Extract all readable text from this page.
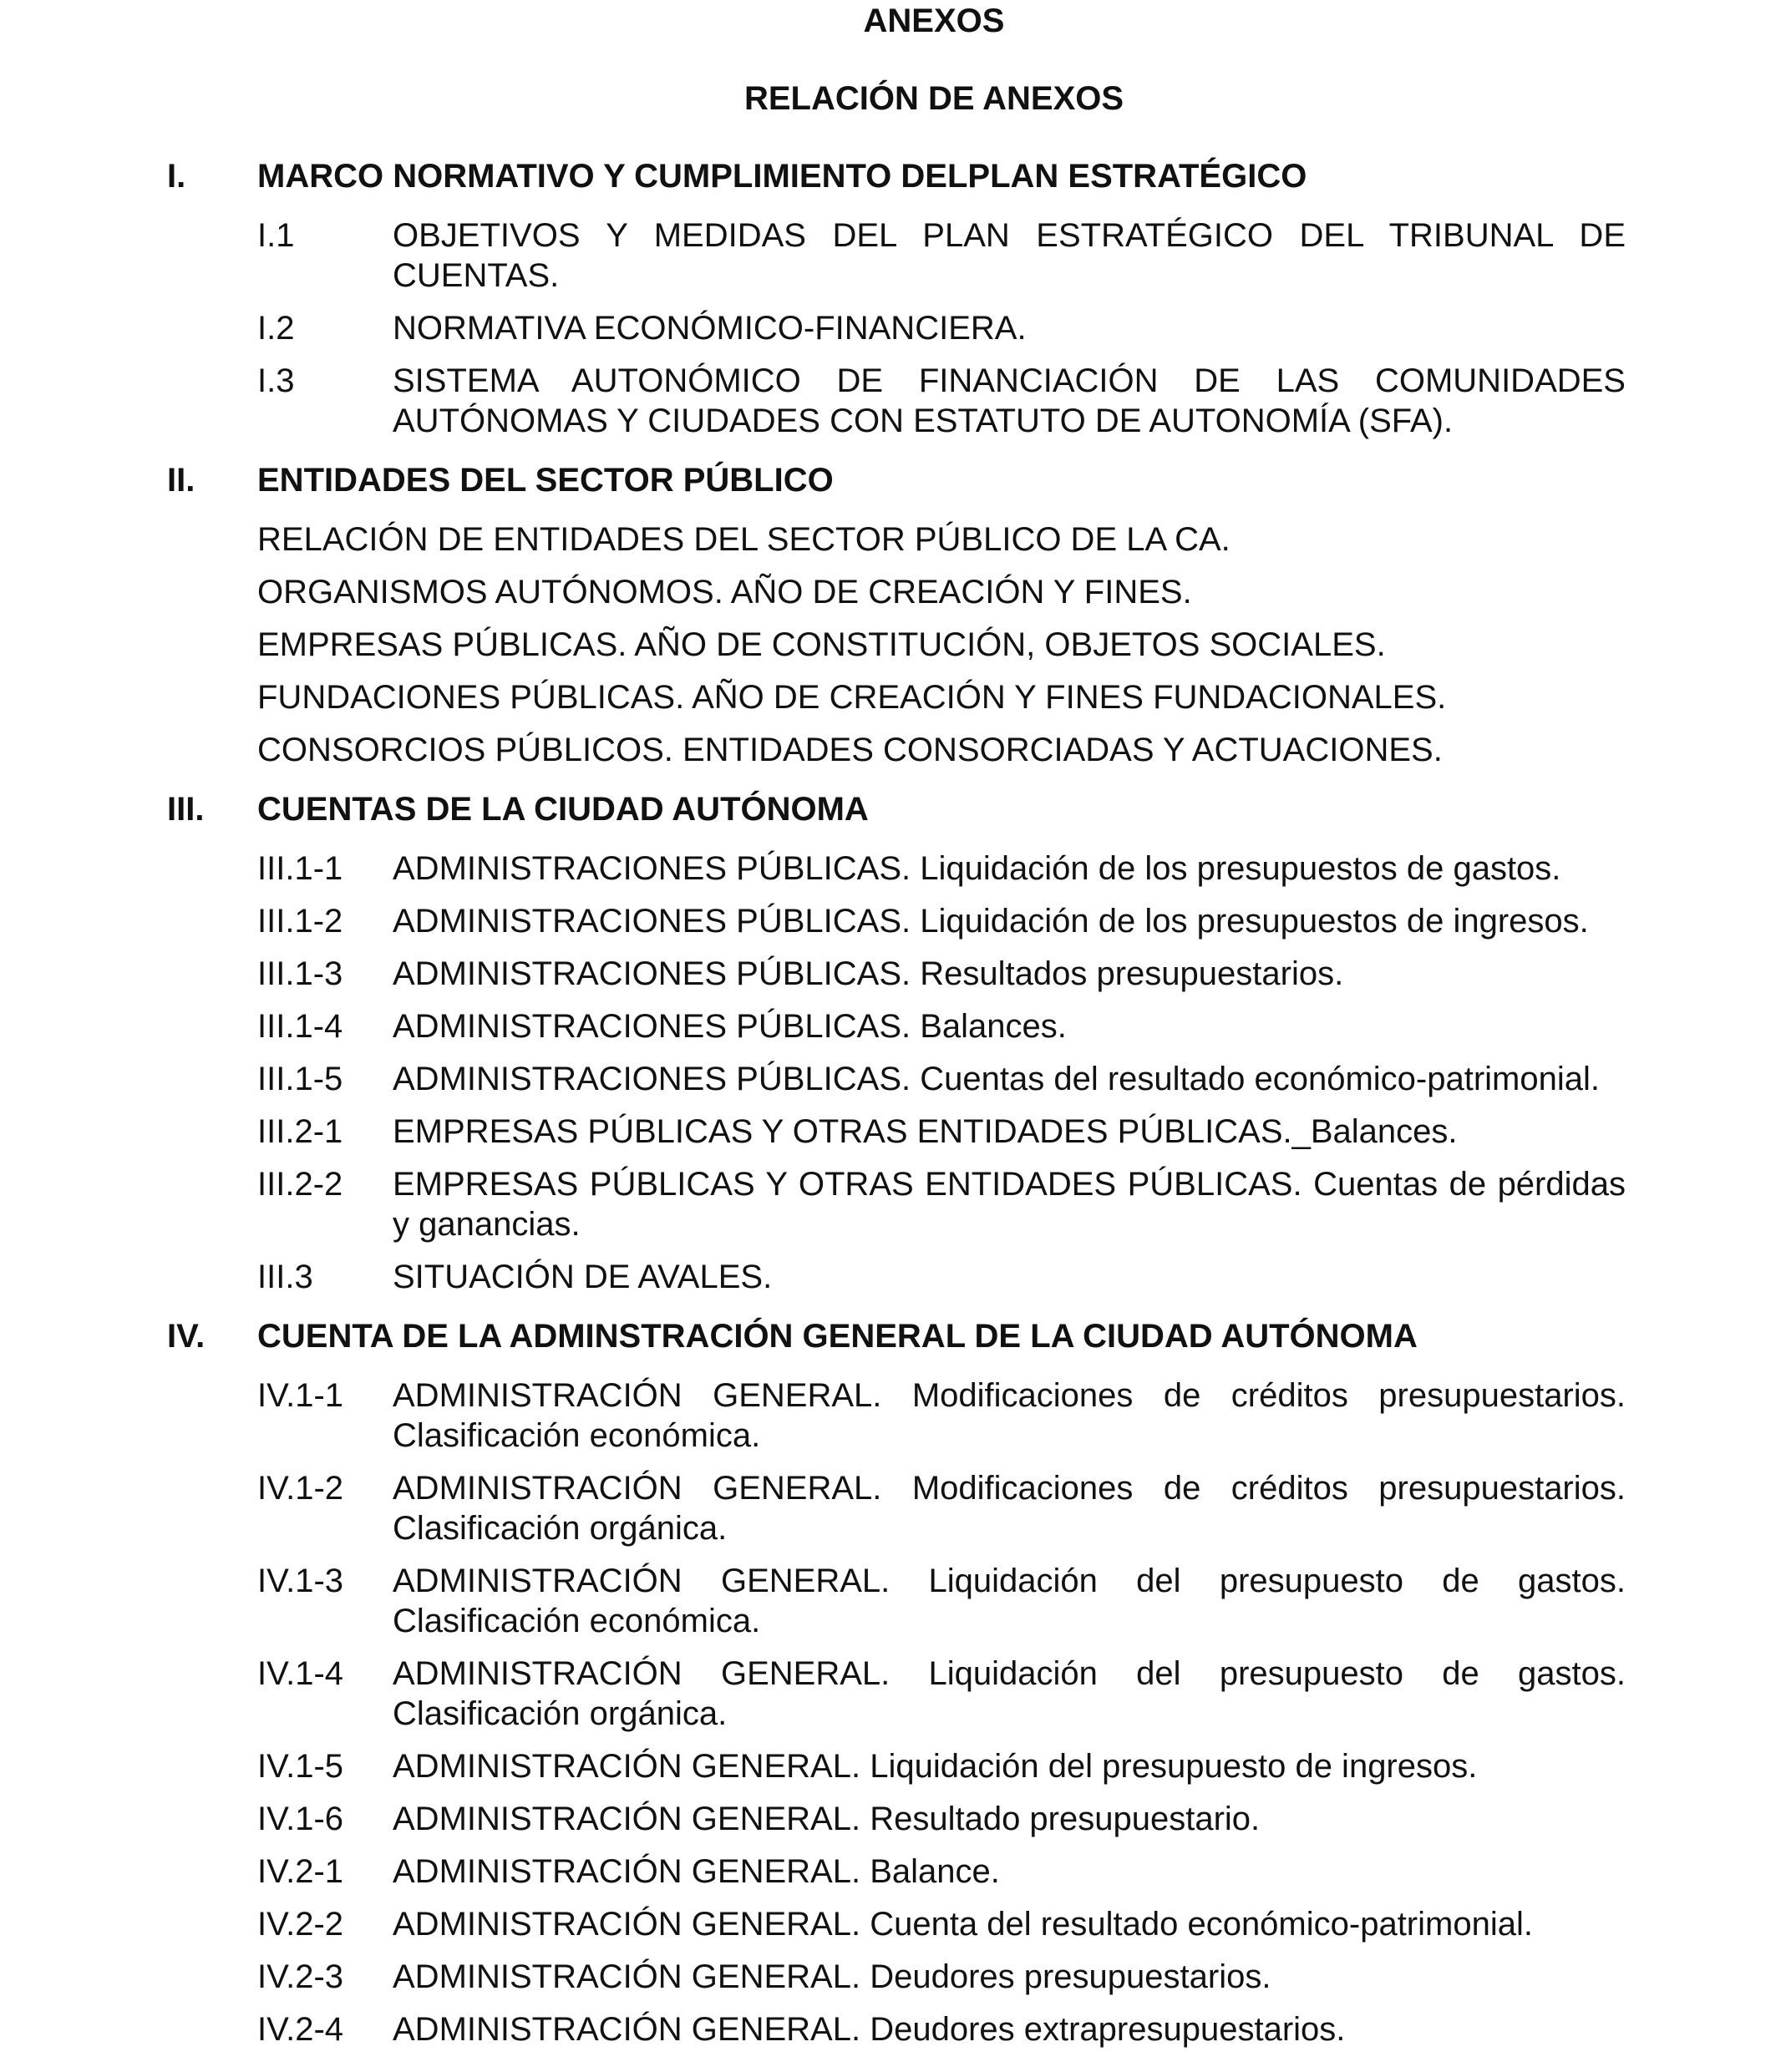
ANEXOS
RELACIÓN DE ANEXOS
I. MARCO NORMATIVO Y CUMPLIMIENTO DELPLAN ESTRATÉGICO
I.1	OBJETIVOS Y MEDIDAS DEL PLAN ESTRATÉGICO DEL TRIBUNAL DE CUENTAS.
I.2	NORMATIVA ECONÓMICO-FINANCIERA.
I.3	SISTEMA AUTONÓMICO DE FINANCIACIÓN DE LAS COMUNIDADES AUTÓNOMAS Y CIUDADES CON ESTATUTO DE AUTONOMÍA (SFA).
II. ENTIDADES DEL SECTOR PÚBLICO
RELACIÓN DE ENTIDADES DEL SECTOR PÚBLICO DE LA CA.
ORGANISMOS AUTÓNOMOS. AÑO DE CREACIÓN Y FINES.
EMPRESAS PÚBLICAS. AÑO DE CONSTITUCIÓN, OBJETOS SOCIALES.
FUNDACIONES PÚBLICAS. AÑO DE CREACIÓN Y FINES FUNDACIONALES.
CONSORCIOS PÚBLICOS. ENTIDADES CONSORCIADAS Y ACTUACIONES.
III. CUENTAS DE LA CIUDAD AUTÓNOMA
III.1-1 ADMINISTRACIONES PÚBLICAS. Liquidación de los presupuestos de gastos.
III.1-2 ADMINISTRACIONES PÚBLICAS. Liquidación de los presupuestos de ingresos.
III.1-3 ADMINISTRACIONES PÚBLICAS. Resultados presupuestarios.
III.1-4 ADMINISTRACIONES PÚBLICAS. Balances.
III.1-5 ADMINISTRACIONES PÚBLICAS. Cuentas del resultado económico-patrimonial.
III.2-1 EMPRESAS PÚBLICAS Y OTRAS ENTIDADES PÚBLICAS._Balances.
III.2-2 EMPRESAS PÚBLICAS Y OTRAS ENTIDADES PÚBLICAS. Cuentas de pérdidas y ganancias.
III.3 SITUACIÓN DE AVALES.
IV. CUENTA DE LA ADMINSTRACIÓN GENERAL DE LA CIUDAD AUTÓNOMA
IV.1-1 ADMINISTRACIÓN GENERAL. Modificaciones de créditos presupuestarios. Clasificación económica.
IV.1-2 ADMINISTRACIÓN GENERAL. Modificaciones de créditos presupuestarios. Clasificación orgánica.
IV.1-3 ADMINISTRACIÓN GENERAL. Liquidación del presupuesto de gastos. Clasificación económica.
IV.1-4 ADMINISTRACIÓN GENERAL. Liquidación del presupuesto de gastos. Clasificación orgánica.
IV.1-5 ADMINISTRACIÓN GENERAL. Liquidación del presupuesto de ingresos.
IV.1-6 ADMINISTRACIÓN GENERAL. Resultado presupuestario.
IV.2-1 ADMINISTRACIÓN GENERAL. Balance.
IV.2-2 ADMINISTRACIÓN GENERAL. Cuenta del resultado económico-patrimonial.
IV.2-3 ADMINISTRACIÓN GENERAL. Deudores presupuestarios.
IV.2-4 ADMINISTRACIÓN GENERAL. Deudores extrapresupuestarios.
